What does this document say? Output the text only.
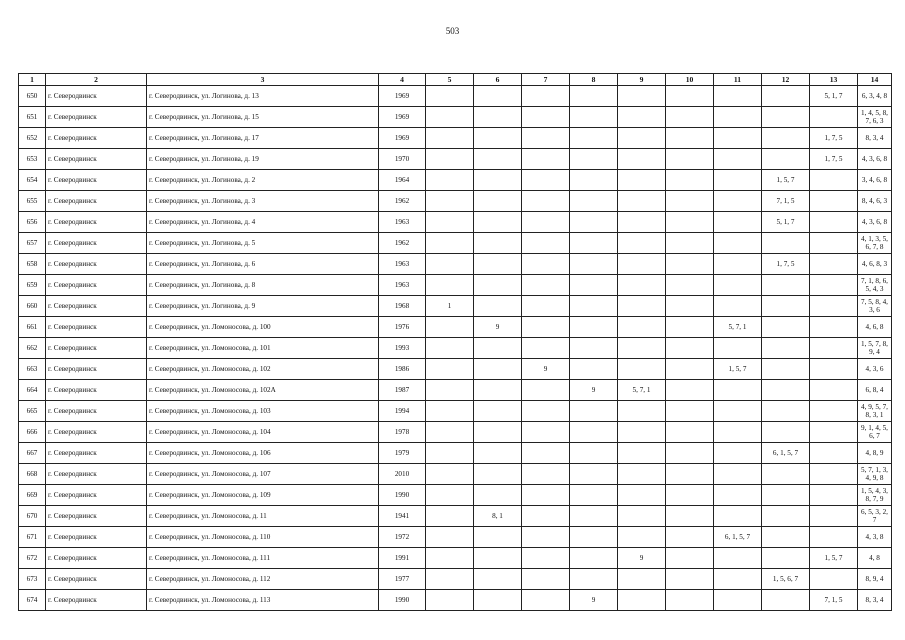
503
1	2	3	4	5	6	7	8	9	10	11	12	13	14
650	г. Северодвинск	г. Северодвинск, ул. Логинова, д. 13	1969									5, 1, 7	6, 3, 4, 8
651	г. Северодвинск	г. Северодвинск, ул. Логинова, д. 15	1969										1, 4, 5, 8, 7, 6, 3
652	г. Северодвинск	г. Северодвинск, ул. Логинова, д. 17	1969									1, 7, 5	8, 3, 4
653	г. Северодвинск	г. Северодвинск, ул. Логинова, д. 19	1970									1, 7, 5	4, 3, 6, 8
654	г. Северодвинск	г. Северодвинск, ул. Логинова, д. 2	1964								1, 5, 7		3, 4, 6, 8
655	г. Северодвинск	г. Северодвинск, ул. Логинова, д. 3	1962								7, 1, 5		8, 4, 6, 3
656	г. Северодвинск	г. Северодвинск, ул. Логинова, д. 4	1963								5, 1, 7		4, 3, 6, 8
657	г. Северодвинск	г. Северодвинск, ул. Логинова, д. 5	1962										4, 1, 3, 5, 6, 7, 8
658	г. Северодвинск	г. Северодвинск, ул. Логинова, д. 6	1963								1, 7, 5		4, 6, 8, 3
659	г. Северодвинск	г. Северодвинск, ул. Логинова, д. 8	1963										7, 1, 8, 6, 5, 4, 3
660	г. Северодвинск	г. Северодвинск, ул. Логинова, д. 9	1968	1									7, 5, 8, 4, 3, 6
661	г. Северодвинск	г. Северодвинск, ул. Ломоносова, д. 100	1976		9					5, 7, 1			4, 6, 8
662	г. Северодвинск	г. Северодвинск, ул. Ломоносова, д. 101	1993										1, 5, 7, 8, 9, 4
663	г. Северодвинск	г. Северодвинск, ул. Ломоносова, д. 102	1986			9				1, 5, 7			4, 3, 6
664	г. Северодвинск	г. Северодвинск, ул. Ломоносова, д. 102А	1987				9	5, 7, 1					6, 8, 4
665	г. Северодвинск	г. Северодвинск, ул. Ломоносова, д. 103	1994										4, 9, 5, 7, 8, 3, 1
666	г. Северодвинск	г. Северодвинск, ул. Ломоносова, д. 104	1978										9, 1, 4, 5, 6, 7
667	г. Северодвинск	г. Северодвинск, ул. Ломоносова, д. 106	1979								6, 1, 5, 7		4, 8, 9
668	г. Северодвинск	г. Северодвинск, ул. Ломоносова, д. 107	2010										5, 7, 1, 3, 4, 9, 8
669	г. Северодвинск	г. Северодвинск, ул. Ломоносова, д. 109	1990										1, 5, 4, 3, 8, 7, 9
670	г. Северодвинск	г. Северодвинск, ул. Ломоносова, д. 11	1941		8, 1								6, 5, 3, 2, 7
671	г. Северодвинск	г. Северодвинск, ул. Ломоносова, д. 110	1972							6, 1, 5, 7			4, 3, 8
672	г. Северодвинск	г. Северодвинск, ул. Ломоносова, д. 111	1991					9				1, 5, 7	4, 8
673	г. Северодвинск	г. Северодвинск, ул. Ломоносова, д. 112	1977								1, 5, 6, 7		8, 9, 4
674	г. Северодвинск	г. Северодвинск, ул. Ломоносова, д. 113	1990				9					7, 1, 5	8, 3, 4
